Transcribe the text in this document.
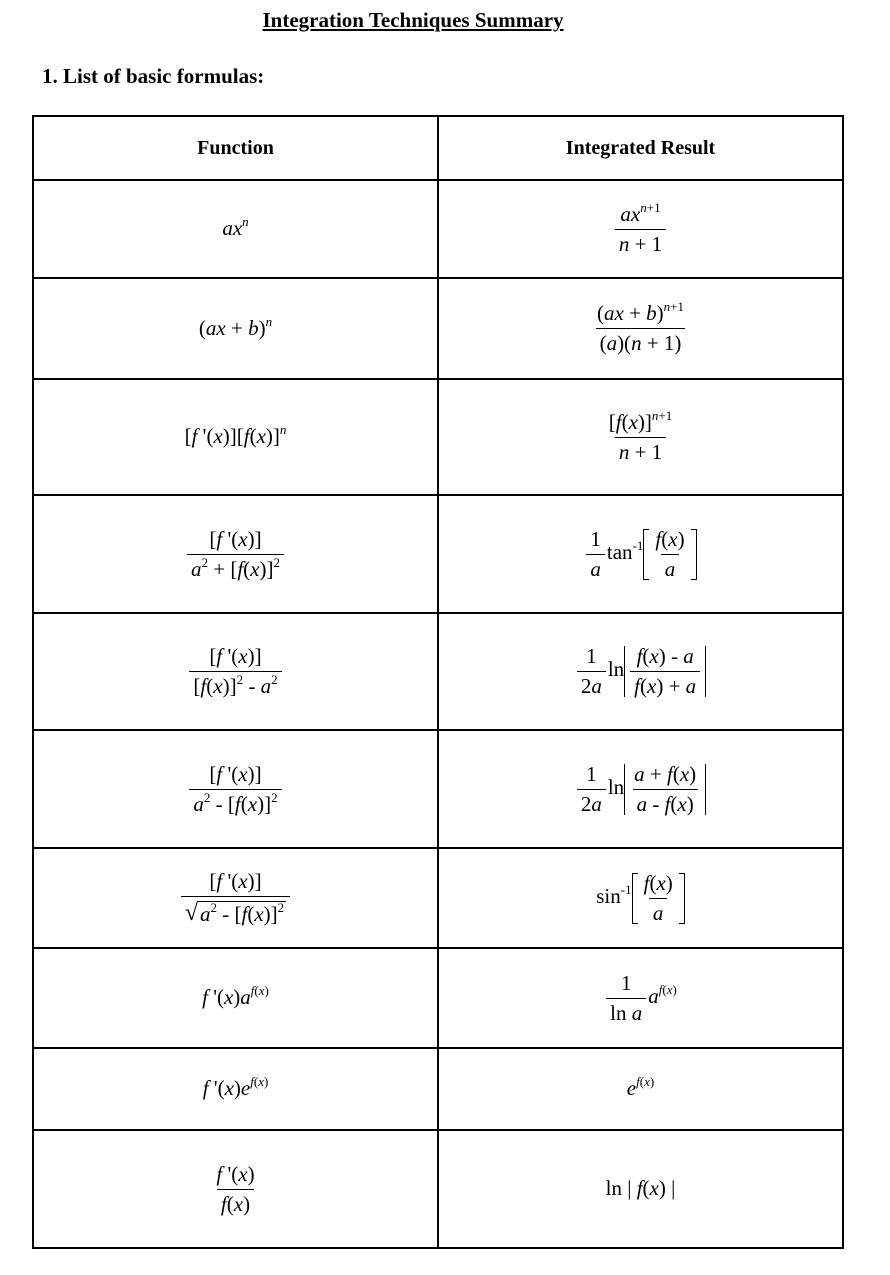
Integration Techniques Summary
1. List of basic formulas:
Function	Integrated Result
$ax^n$	$\frac{ax^{n+1}}{n + 1}$

(ax + b)$^n$	$\frac{(ax + b)^{n+1}}{(a)(n + 1)}$

[f '$(x)][f(x)]^n$	$\frac{[f(x)]^{n+1}}{n + 1}$

$\frac{[f '(x)]}{a^2 + [f(x)]^2}$	$\frac{1}{a} \tan^{-1} \frac{f(x)}{a}$

$\frac{[f '(x)]}{[f(x)]^2 - a^2}$	$\frac{1}{2a}$ $\ln \frac{f(x) - a}{f(x) + a}$

$\frac{[f '(x)]}{a^2 - [f(x)]^2}$	$\frac{1}{2a}$ $\ln \frac{a + f(x)}{a - f(x)}$

$\frac{[f '(x)]}{√ a^2 - [f(x)]^2}$	$\sin^{-1} \frac{f(x)}{a}$

f '$(x)a^{f(x)}$	$\frac{1}{\text{ln a}} a^{f(x)}$
f '$(x)e^{f(x)}$	$e^{f(x)}$

$\frac{f '(x)}{f(x)}$	ln | f(x) |
